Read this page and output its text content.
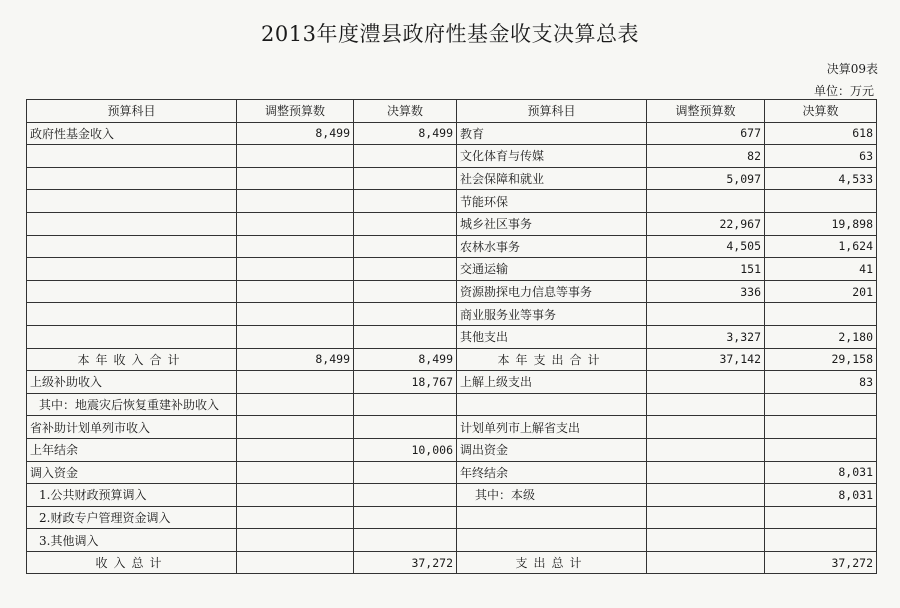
2013年度澧县政府性基金收支决算总表
决算09表
单位：万元
预算科目	调整预算数	决算数	预算科目	调整预算数	决算数
政府性基金收入	8,499	8,499	教育	677	618
			文化体育与传媒	82	63
			社会保障和就业	5,097	4,533
			节能环保		
			城乡社区事务	22,967	19,898
			农林水事务	4,505	1,624
			交通运输	151	41
			资源勘探电力信息等事务	336	201
			商业服务业等事务		
			其他支出	3,327	2,180
本年收入合计	8,499	8,499	本年支出合计	37,142	29,158
上级补助收入		18,767	上解上级支出		83
其中：地震灾后恢复重建补助收入					
省补助计划单列市收入			计划单列市上解省支出		
上年结余		10,006	调出资金		
调入资金			年终结余		8,031
1.公共财政预算调入			其中：本级		8,031
2.财政专户管理资金调入					
3.其他调入					
收入总计		37,272	支出总计		37,272
